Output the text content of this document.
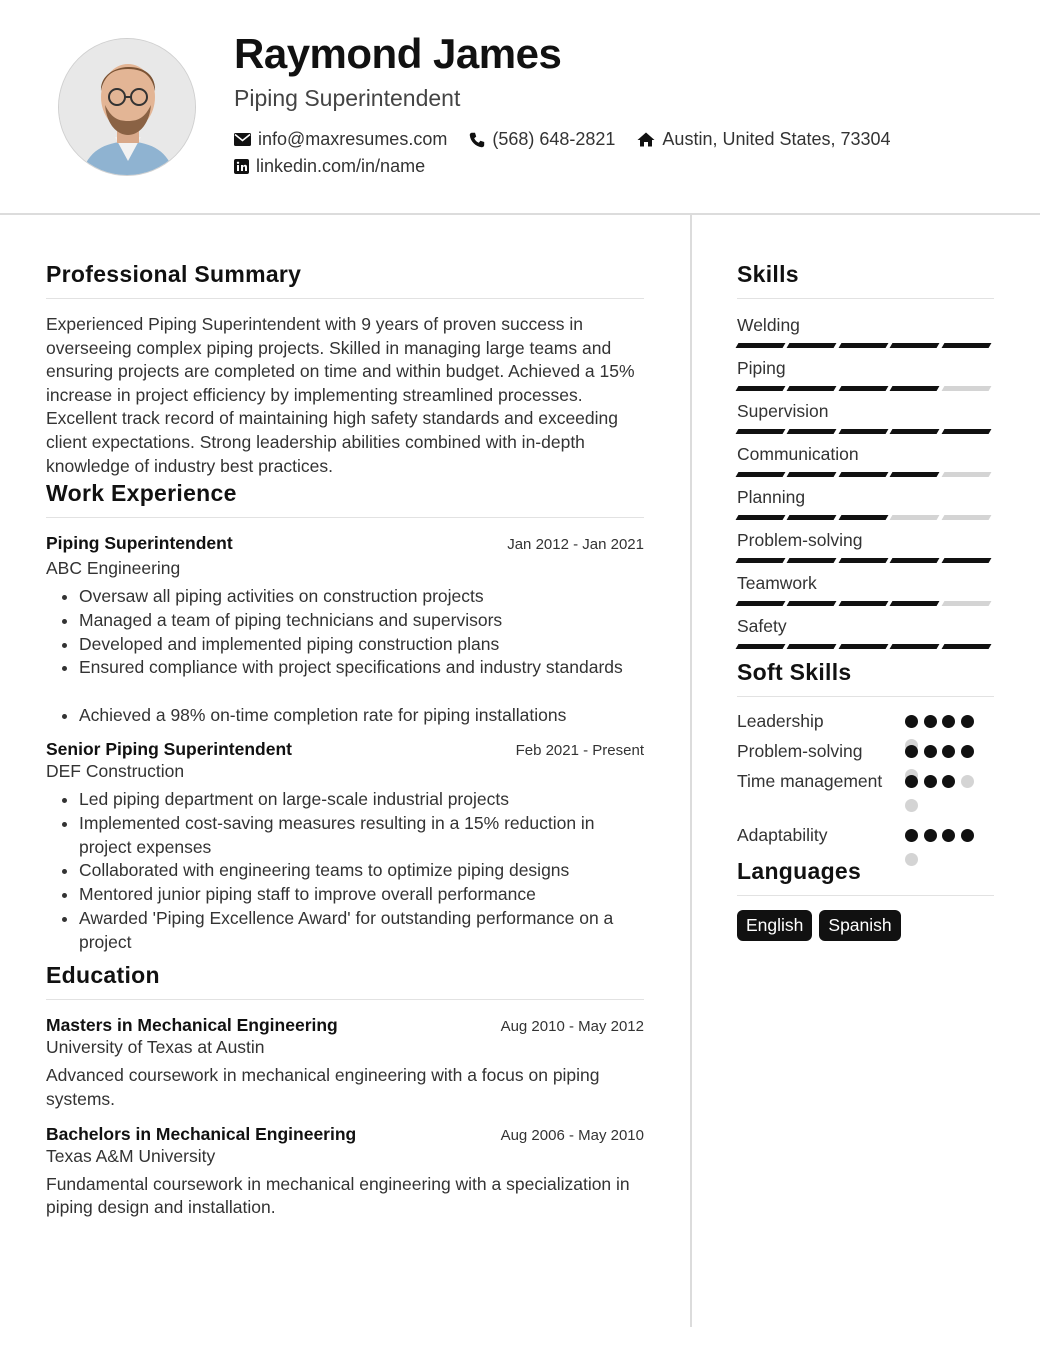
Raymond James
Piping Superintendent
info@maxresumes.com	(568) 648-2821	Austin, United States, 73304
linkedin.com/in/name
Professional Summary
Experienced Piping Superintendent with 9 years of proven success in overseeing complex piping projects. Skilled in managing large teams and ensuring projects are completed on time and within budget. Achieved a 15% increase in project efficiency by implementing streamlined processes. Excellent track record of maintaining high safety standards and exceeding client expectations. Strong leadership abilities combined with in-depth knowledge of industry best practices.
Work Experience
Piping Superintendent	Jan 2012 - Jan 2021
ABC Engineering
• Oversaw all piping activities on construction projects
• Managed a team of piping technicians and supervisors
• Developed and implemented piping construction plans
• Ensured compliance with project specifications and industry standards
• Achieved a 98% on-time completion rate for piping installations
Senior Piping Superintendent	Feb 2021 - Present
DEF Construction
• Led piping department on large-scale industrial projects
• Implemented cost-saving measures resulting in a 15% reduction in project expenses
• Collaborated with engineering teams to optimize piping designs
• Mentored junior piping staff to improve overall performance
• Awarded 'Piping Excellence Award' for outstanding performance on a project
Education
Masters in Mechanical Engineering	Aug 2010 - May 2012
University of Texas at Austin
Advanced coursework in mechanical engineering with a focus on piping systems.
Bachelors in Mechanical Engineering	Aug 2006 - May 2010
Texas A&M University
Fundamental coursework in mechanical engineering with a specialization in piping design and installation.
Skills
Welding
Piping
Supervision
Communication
Planning
Problem-solving
Teamwork
Safety
Soft Skills
Leadership
Problem-solving
Time management
Adaptability
Languages
English	Spanish
